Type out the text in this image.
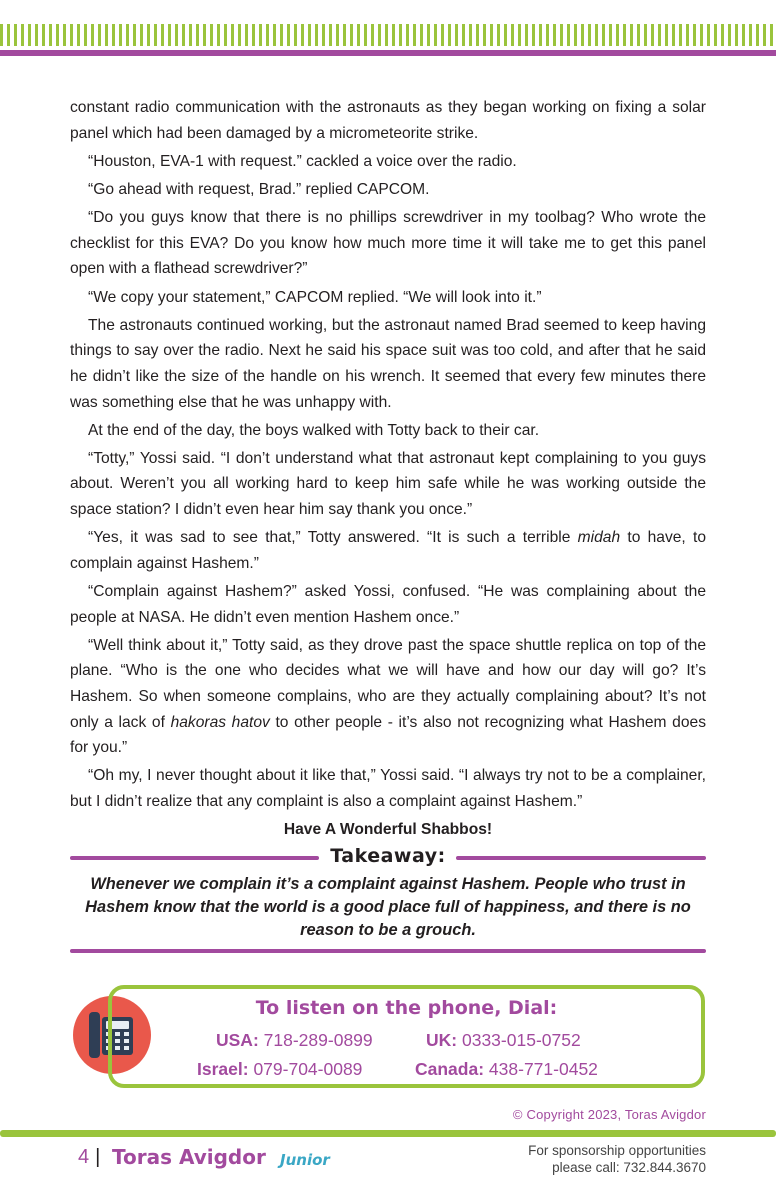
constant radio communication with the astronauts as they began working on fixing a solar panel which had been damaged by a micrometeorite strike.

“Houston, EVA-1 with request.” cackled a voice over the radio.

“Go ahead with request, Brad.” replied CAPCOM.

“Do you guys know that there is no phillips screwdriver in my toolbag? Who wrote the checklist for this EVA? Do you know how much more time it will take me to get this panel open with a flathead screwdriver?”

“We copy your statement,” CAPCOM replied. “We will look into it.”

The astronauts continued working, but the astronaut named Brad seemed to keep having things to say over the radio. Next he said his space suit was too cold, and after that he said he didn’t like the size of the handle on his wrench. It seemed that every few minutes there was something else that he was unhappy with.

At the end of the day, the boys walked with Totty back to their car.

“Totty,” Yossi said. “I don’t understand what that astronaut kept complaining to you guys about. Weren’t you all working hard to keep him safe while he was working outside the space station? I didn’t even hear him say thank you once.”

“Yes, it was sad to see that,” Totty answered. “It is such a terrible midah to have, to complain against Hashem.”

“Complain against Hashem?” asked Yossi, confused. “He was complaining about the people at NASA. He didn’t even mention Hashem once.”

“Well think about it,” Totty said, as they drove past the space shuttle replica on top of the plane. “Who is the one who decides what we will have and how our day will go? It’s Hashem. So when someone complains, who are they actually complaining about? It’s not only a lack of hakoras hatov to other people - it’s also not recognizing what Hashem does for you.”

“Oh my, I never thought about it like that,” Yossi said. “I always try not to be a complainer, but I didn’t realize that any complaint is also a complaint against Hashem.”

Have A Wonderful Shabbos!

Takeaway:
Whenever we complain it’s a complaint against Hashem. People who trust in Hashem know that the world is a good place full of happiness, and there is no reason to be a grouch.
To listen on the phone, Dial:
USA: 718-289-0899	UK: 0333-015-0752
Israel: 079-704-0089	Canada: 438-771-0452
© Copyright 2023, Toras Avigdor
4 | Toras Avigdor Junior
For sponsorship opportunities
please call: 732.844.3670
